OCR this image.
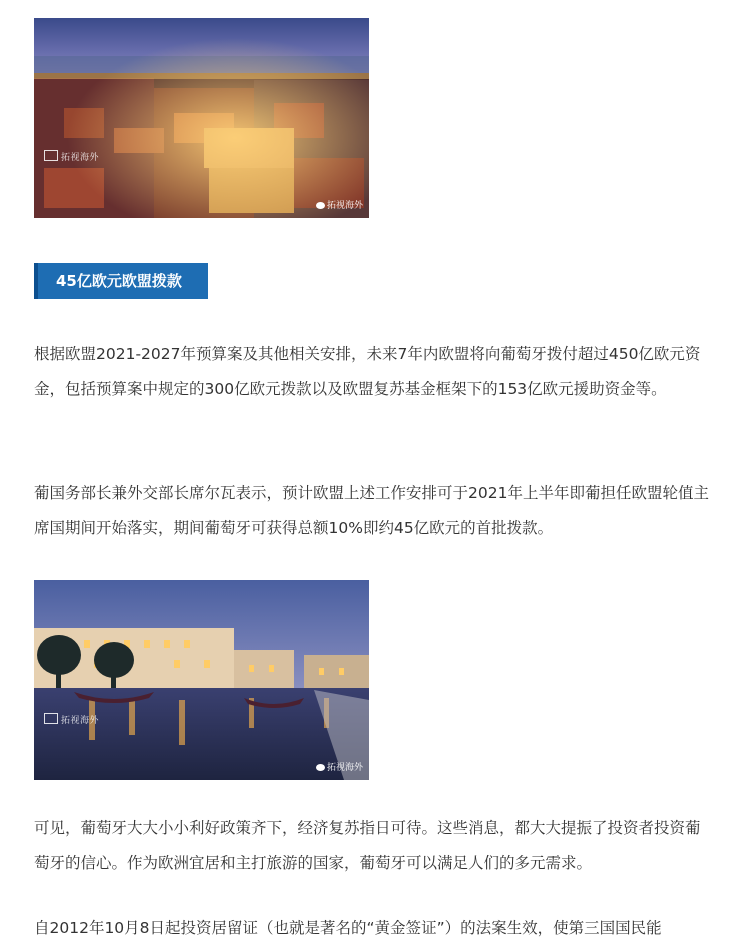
拓视海外
拓视海外
45亿欧元欧盟拨款

根据欧盟2021-2027年预算案及其他相关安排，未来7年内欧盟将向葡萄牙拨付超过450亿欧元资金，包括预算案中规定的300亿欧元拨款以及欧盟复苏基金框架下的153亿欧元援助资金等。

葡国务部长兼外交部长席尔瓦表示，预计欧盟上述工作安排可于2021年上半年即葡担任欧盟轮值主席国期间开始落实，期间葡萄牙可获得总额10%即约45亿欧元的首批拨款。

拓视海外
拓视海外

可见，葡萄牙大大小小利好政策齐下，经济复苏指日可待。这些消息，都大大提振了投资者投资葡萄牙的信心。作为欧洲宜居和主打旅游的国家，葡萄牙可以满足人们的多元需求。

自2012年10月8日起投资居留证（也就是著名的“黄金签证”）的法案生效，使第三国国民能
